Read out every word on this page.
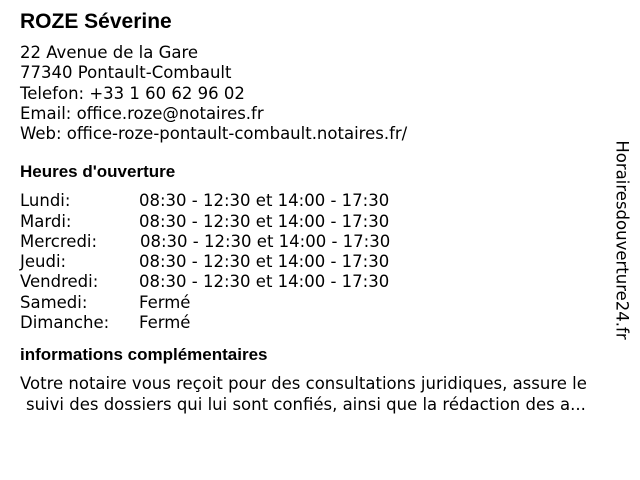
ROZE Séverine
22 Avenue de la Gare
77340 Pontault-Combault
Telefon: +33 1 60 62 96 02
Email: office.roze@notaires.fr
Web: office-roze-pontault-combault.notaires.fr/
Heures d'ouverture
Lundi:	08:30 - 12:30 et 14:00 - 17:30
Mardi:	08:30 - 12:30 et 14:00 - 17:30
Mercredi:	08:30 - 12:30 et 14:00 - 17:30
Jeudi:	08:30 - 12:30 et 14:00 - 17:30
Vendredi:	08:30 - 12:30 et 14:00 - 17:30
Samedi:	Fermé
Dimanche:	Fermé
informations complémentaires
Votre notaire vous reçoit pour des consultations juridiques, assure le
suivi des dossiers qui lui sont confiés, ainsi que la rédaction des a...
Horairesdouverture24.fr
